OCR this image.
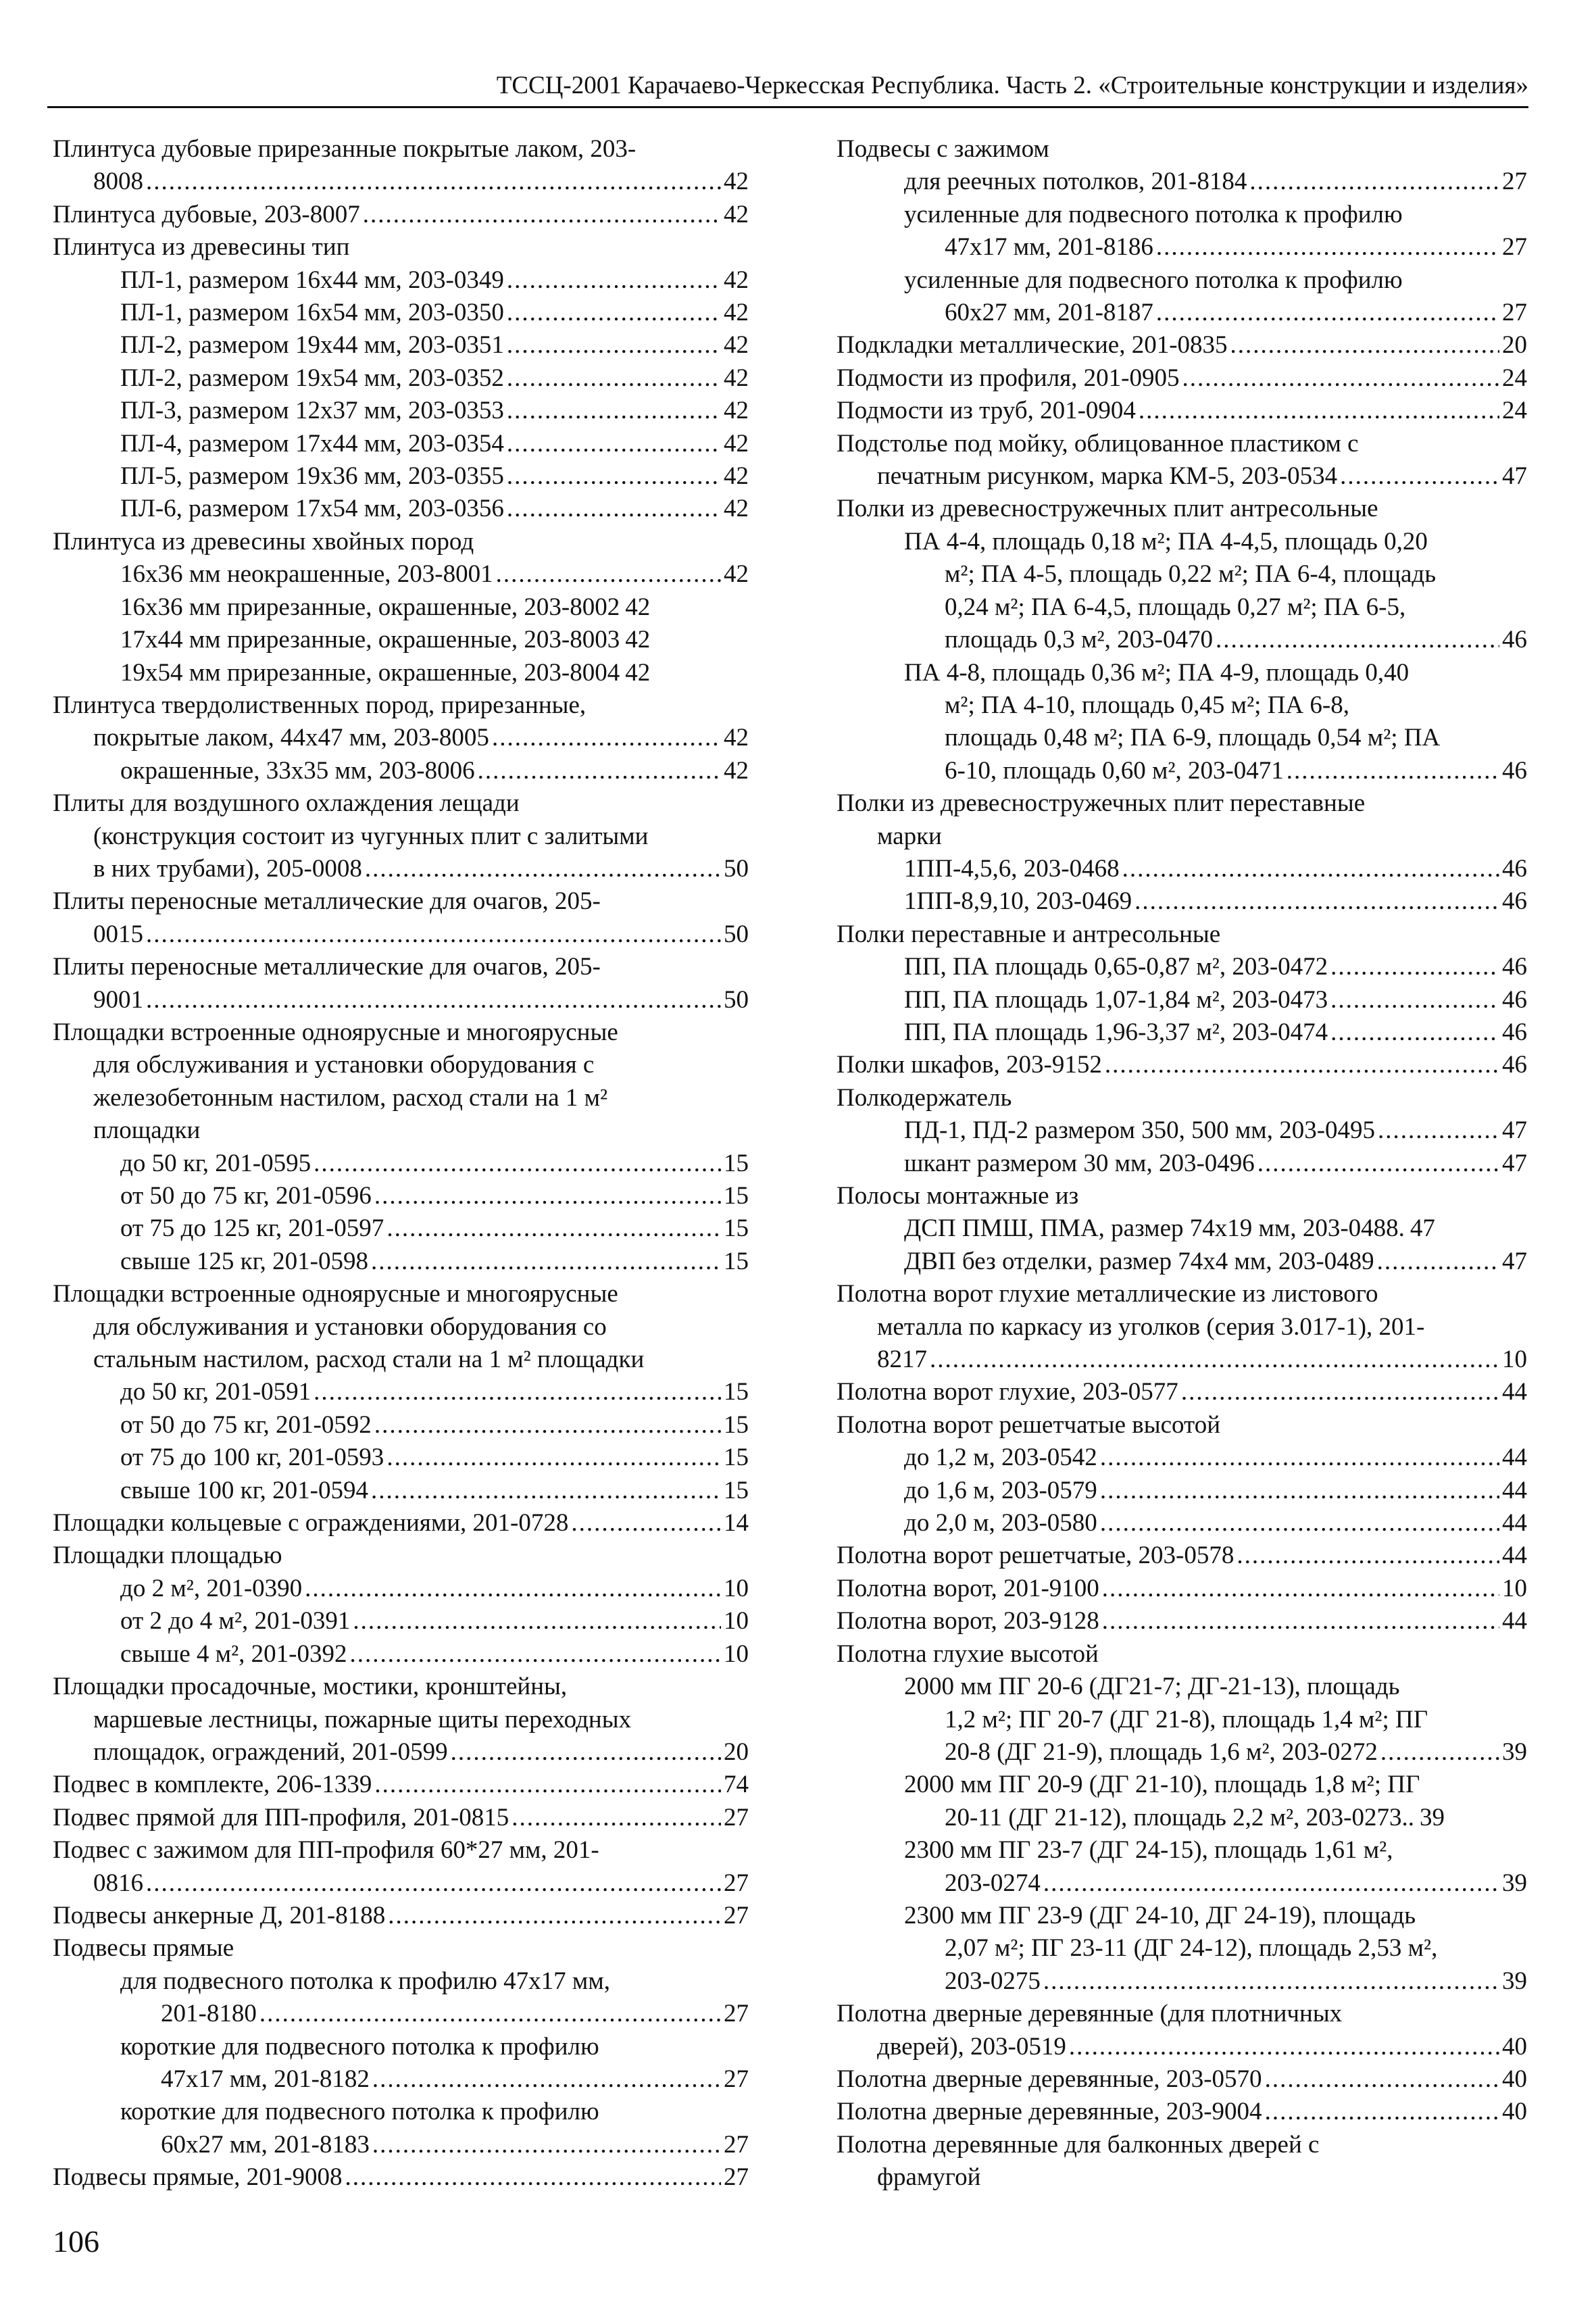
ТССЦ-2001 Карачаево-Черкесская Республика. Часть 2. «Строительные конструкции и изделия»
Плинтуса дубовые прирезанные покрытые лаком, 203-
8008 .....	42
Плинтуса дубовые, 203-8007 .....	42
Плинтуса из древесины тип
ПЛ-1, размером 16х44 мм, 203-0349 .....	42
ПЛ-1, размером 16х54 мм, 203-0350 .....	42
ПЛ-2, размером 19х44 мм, 203-0351 .....	42
ПЛ-2, размером 19х54 мм, 203-0352 .....	42
ПЛ-3, размером 12х37 мм, 203-0353 .....	42
ПЛ-4, размером 17х44 мм, 203-0354 .....	42
ПЛ-5, размером 19х36 мм, 203-0355 .....	42
ПЛ-6, размером 17х54 мм, 203-0356 .....	42
Плинтуса из древесины хвойных пород
16х36 мм неокрашенные, 203-8001 .....	42
16х36 мм прирезанные, окрашенные, 203-8002 42
17х44 мм прирезанные, окрашенные, 203-8003 42
19х54 мм прирезанные, окрашенные, 203-8004 42
Плинтуса твердолиственных пород, прирезанные,
покрытые лаком, 44х47 мм, 203-8005 .....	42
окрашенные, 33х35 мм, 203-8006 .....	42
Плиты для воздушного охлаждения лещади
(конструкция состоит из чугунных плит с залитыми
в них трубами), 205-0008 .....	50
Плиты переносные металлические для очагов, 205-
0015 .....	50
Плиты переносные металлические для очагов, 205-
9001 .....	50
Площадки встроенные одноярусные и многоярусные
для обслуживания и установки оборудования с
железобетонным настилом, расход стали на 1 м²
площадки
до 50 кг, 201-0595 .....	15
от 50 до 75 кг, 201-0596 .....	15
от 75 до 125 кг, 201-0597 .....	15
свыше 125 кг, 201-0598 .....	15
Площадки встроенные одноярусные и многоярусные
для обслуживания и установки оборудования со
стальным настилом, расход стали на 1 м² площадки
до 50 кг, 201-0591 .....	15
от 50 до 75 кг, 201-0592 .....	15
от 75 до 100 кг, 201-0593 .....	15
свыше 100 кг, 201-0594 .....	15
Площадки кольцевые с ограждениями, 201-0728 .....	14
Площадки площадью
до 2 м², 201-0390 .....	10
от 2 до 4 м², 201-0391 .....	10
свыше 4 м², 201-0392 .....	10
Площадки просадочные, мостики, кронштейны,
маршевые лестницы, пожарные щиты переходных
площадок, ограждений, 201-0599 .....	20
Подвес в комплекте, 206-1339 .....	74
Подвес прямой для ПП-профиля, 201-0815 .....	27
Подвес с зажимом для ПП-профиля 60*27 мм, 201-
0816 .....	27
Подвесы анкерные Д, 201-8188 .....	27
Подвесы прямые
для подвесного потолка к профилю 47х17 мм,
201-8180 .....	27
короткие для подвесного потолка к профилю
47х17 мм, 201-8182 .....	27
короткие для подвесного потолка к профилю
60х27 мм, 201-8183 .....	27
Подвесы прямые, 201-9008 .....	27
Подвесы с зажимом
для реечных потолков, 201-8184 .....	27
усиленные для подвесного потолка к профилю
47х17 мм, 201-8186 .....	27
усиленные для подвесного потолка к профилю
60х27 мм, 201-8187 .....	27
Подкладки металлические, 201-0835 .....	20
Подмости из профиля, 201-0905 .....	24
Подмости из труб, 201-0904 .....	24
Подстолье под мойку, облицованное пластиком с
печатным рисунком, марка КМ-5, 203-0534 .....	47
Полки из древесностружечных плит антресольные
ПА 4-4, площадь 0,18 м²; ПА 4-4,5, площадь 0,20
м²; ПА 4-5, площадь 0,22 м²; ПА 6-4, площадь
0,24 м²; ПА 6-4,5, площадь 0,27 м²; ПА 6-5,
площадь 0,3 м², 203-0470 .....	46
ПА 4-8, площадь 0,36 м²; ПА 4-9, площадь 0,40
м²; ПА 4-10, площадь 0,45 м²; ПА 6-8,
площадь 0,48 м²; ПА 6-9, площадь 0,54 м²; ПА
6-10, площадь 0,60 м², 203-0471 .....	46
Полки из древесностружечных плит переставные
марки
1ПП-4,5,6, 203-0468 .....	46
1ПП-8,9,10, 203-0469 .....	46
Полки переставные и антресольные
ПП, ПА площадь 0,65-0,87 м², 203-0472 .....	46
ПП, ПА площадь 1,07-1,84 м², 203-0473 .....	46
ПП, ПА площадь 1,96-3,37 м², 203-0474 .....	46
Полки шкафов, 203-9152 .....	46
Полкодержатель
ПД-1, ПД-2 размером 350, 500 мм, 203-0495 .....	47
шкант размером 30 мм, 203-0496 .....	47
Полосы монтажные из
ДСП ПМШ, ПМА, размер 74х19 мм, 203-0488. 47
ДВП без отделки, размер 74х4 мм, 203-0489 .....	47
Полотна ворот глухие металлические из листового
металла по каркасу из уголков (серия 3.017-1), 201-
8217 .....	10
Полотна ворот глухие, 203-0577 .....	44
Полотна ворот решетчатые высотой
до 1,2 м, 203-0542 .....	44
до 1,6 м, 203-0579 .....	44
до 2,0 м, 203-0580 .....	44
Полотна ворот решетчатые, 203-0578 .....	44
Полотна ворот, 201-9100 .....	10
Полотна ворот, 203-9128 .....	44
Полотна глухие высотой
2000 мм ПГ 20-6 (ДГ21-7; ДГ-21-13), площадь
1,2 м²; ПГ 20-7 (ДГ 21-8), площадь 1,4 м²; ПГ
20-8 (ДГ 21-9), площадь 1,6 м², 203-0272 .....	39
2000 мм ПГ 20-9 (ДГ 21-10), площадь 1,8 м²; ПГ
20-11 (ДГ 21-12), площадь 2,2 м², 203-0273.. 39
2300 мм ПГ 23-7 (ДГ 24-15), площадь 1,61 м²,
203-0274 .....	39
2300 мм ПГ 23-9 (ДГ 24-10, ДГ 24-19), площадь
2,07 м²; ПГ 23-11 (ДГ 24-12), площадь 2,53 м²,
203-0275 .....	39
Полотна дверные деревянные (для плотничных
дверей), 203-0519 .....	40
Полотна дверные деревянные, 203-0570 .....	40
Полотна дверные деревянные, 203-9004 .....	40
Полотна деревянные для балконных дверей с
фрамугой
106
